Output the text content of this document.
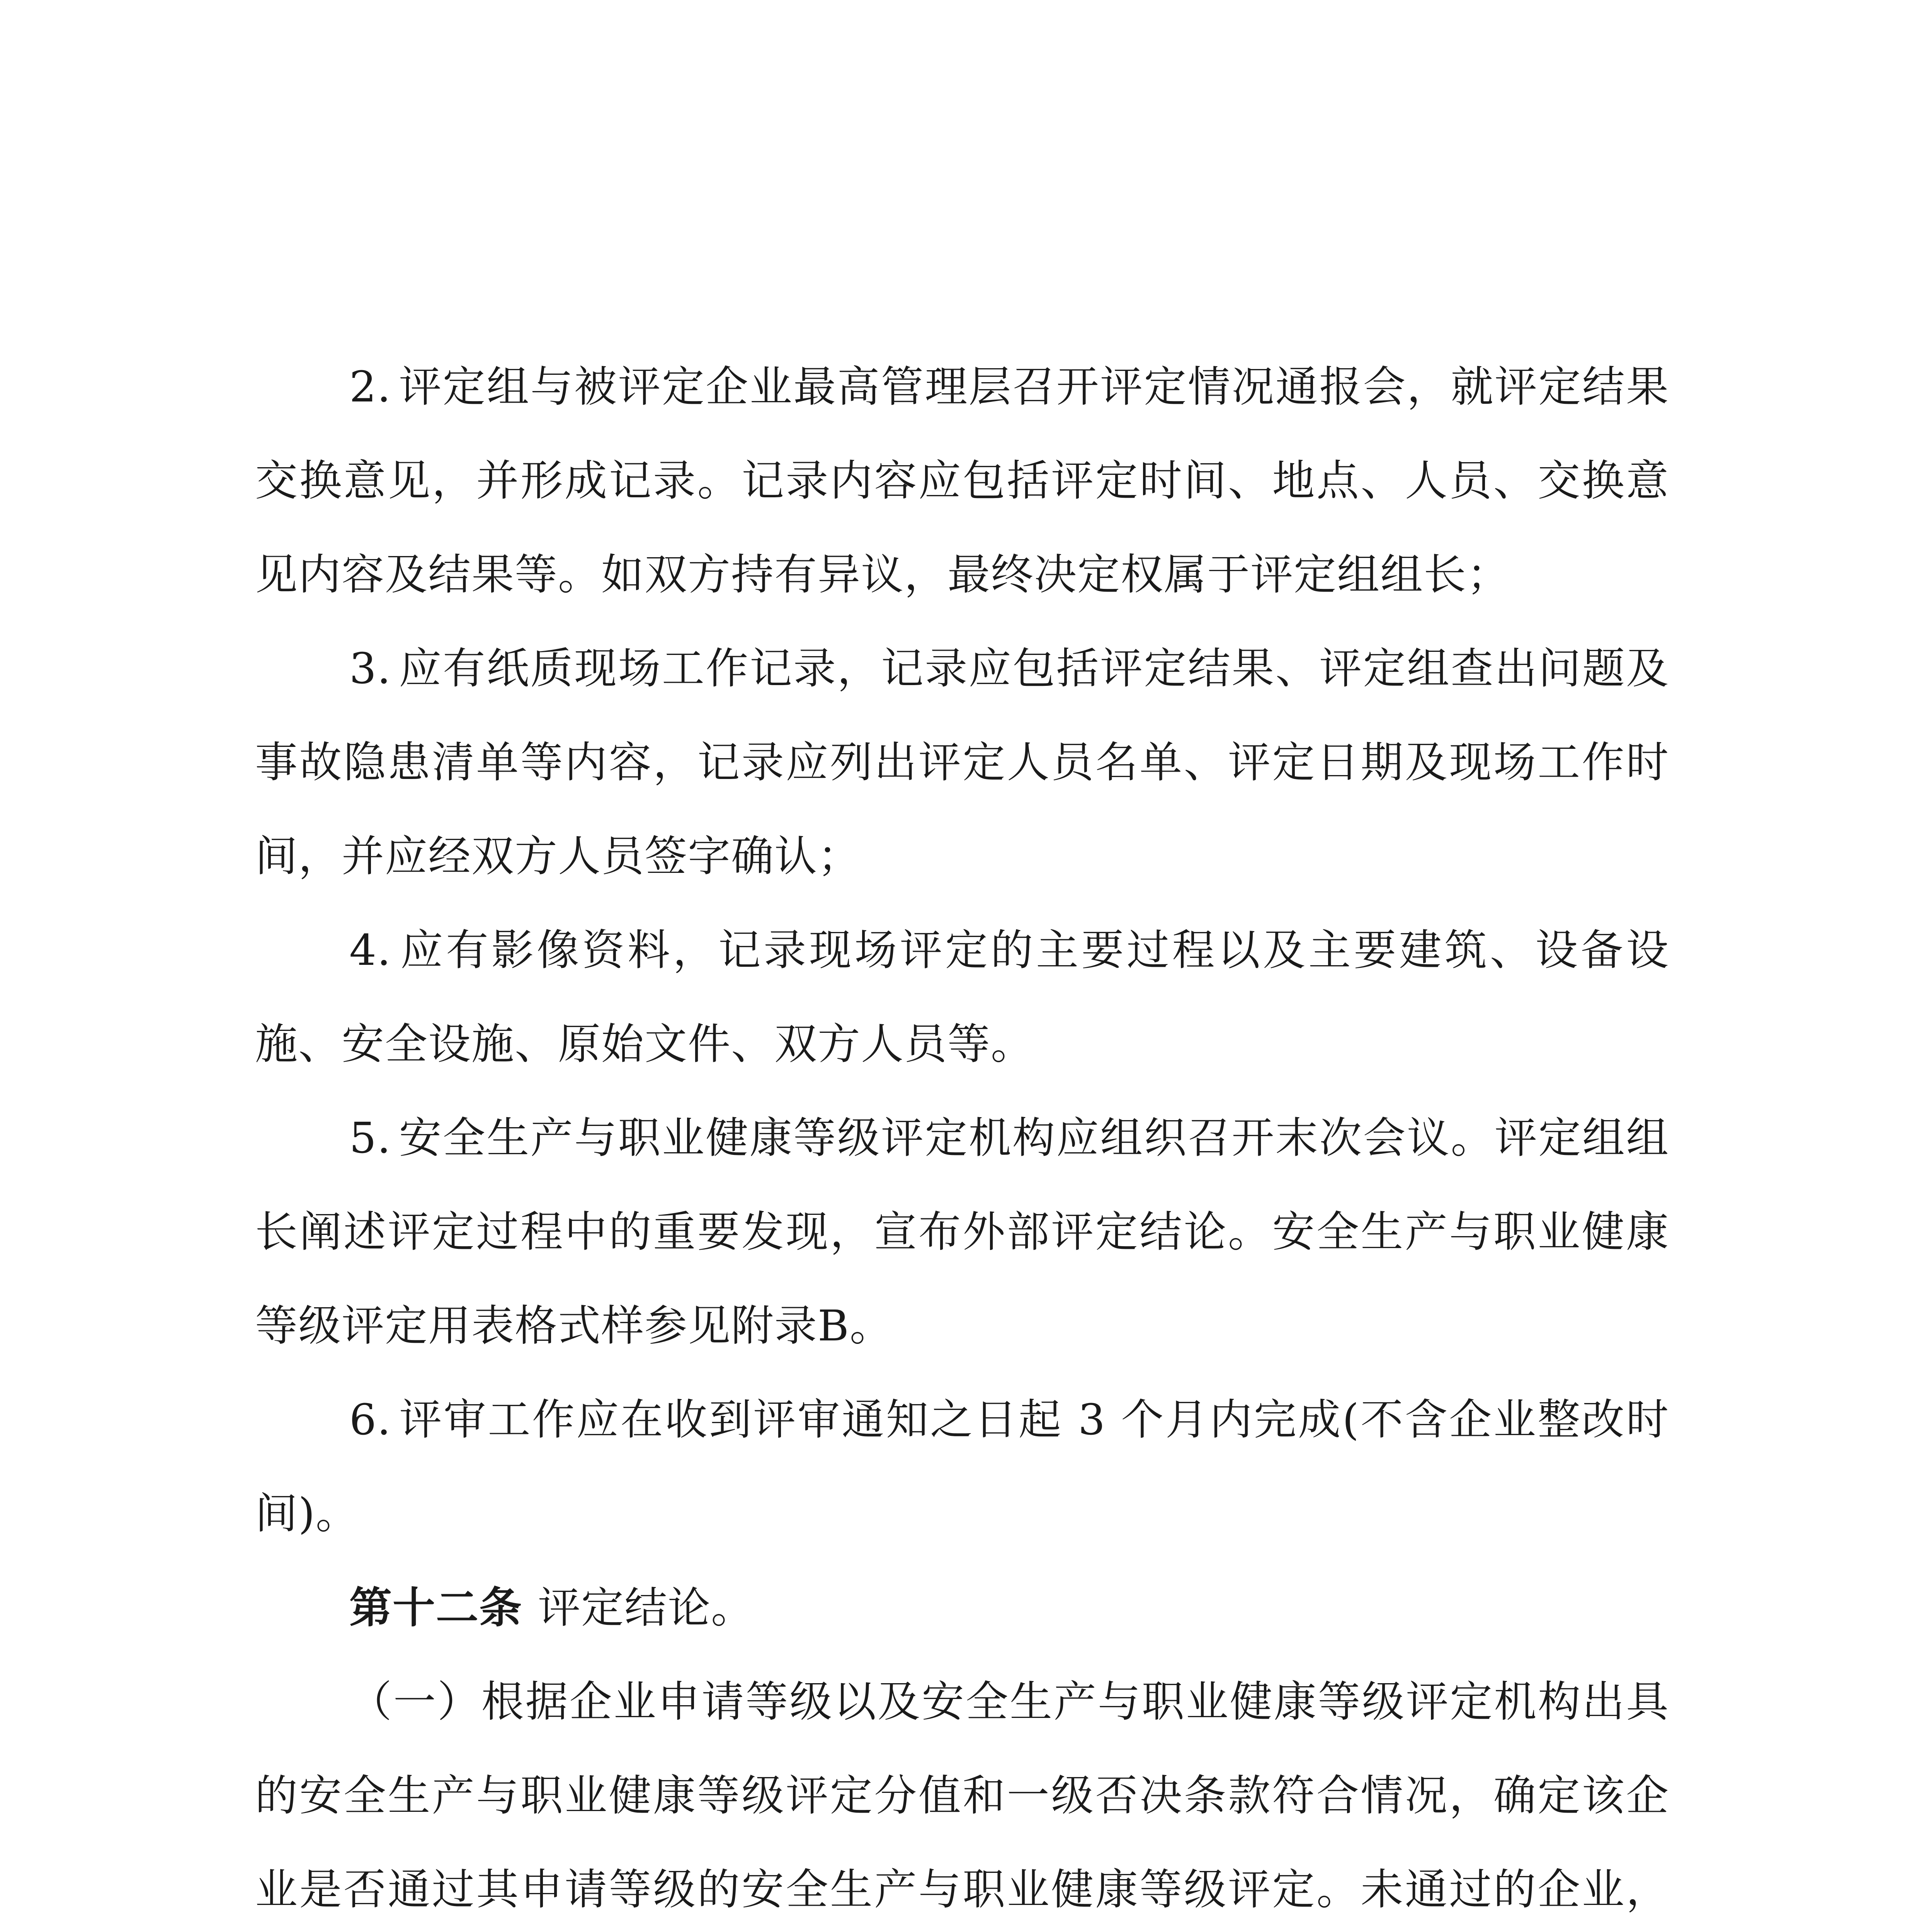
2. 评定组与被评定企业最高管理层召开评定情况通报会，就评定结果交换意见，并形成记录。记录内容应包括评定时间、地点、人员、交换意见内容及结果等。如双方持有异议，最终决定权属于评定组组长；

3. 应有纸质现场工作记录，记录应包括评定结果、评定组查出问题及事故隐患清单等内容，记录应列出评定人员名单、评定日期及现场工作时间，并应经双方人员签字确认；

4. 应有影像资料，记录现场评定的主要过程以及主要建筑、设备设施、安全设施、原始文件、双方人员等。

5. 安全生产与职业健康等级评定机构应组织召开末次会议。评定组组长阐述评定过程中的重要发现，宣布外部评定结论。安全生产与职业健康等级评定用表格式样参见附录B。

6. 评审工作应在收到评审通知之日起 3 个月内完成(不含企业整改时间)。

第十二条 评定结论。

（一）根据企业申请等级以及安全生产与职业健康等级评定机构出具的安全生产与职业健康等级评定分值和一级否决条款符合情况，确定该企业是否通过其申请等级的安全生产与职业健康等级评定。未通过的企业，
